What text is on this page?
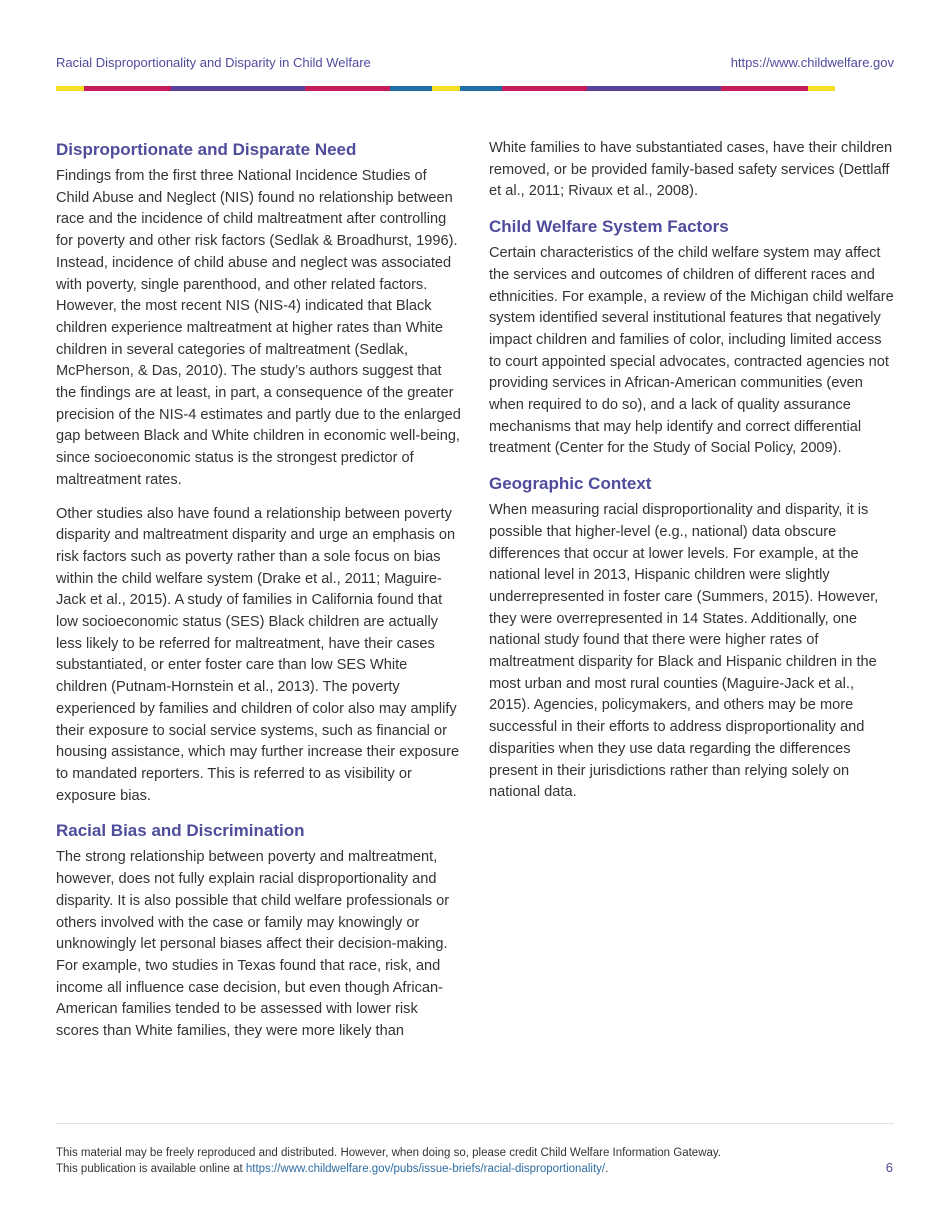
Racial Disproportionality and Disparity in Child Welfare	https://www.childwelfare.gov
Disproportionate and Disparate Need

Findings from the first three National Incidence Studies of Child Abuse and Neglect (NIS) found no relationship between race and the incidence of child maltreatment after controlling for poverty and other risk factors (Sedlak & Broadhurst, 1996). Instead, incidence of child abuse and neglect was associated with poverty, single parenthood, and other related factors. However, the most recent NIS (NIS-4) indicated that Black children experience maltreatment at higher rates than White children in several categories of maltreatment (Sedlak, McPherson, & Das, 2010). The study’s authors suggest that the findings are at least, in part, a consequence of the greater precision of the NIS-4 estimates and partly due to the enlarged gap between Black and White children in economic well-being, since socioeconomic status is the strongest predictor of maltreatment rates.

Other studies also have found a relationship between poverty disparity and maltreatment disparity and urge an emphasis on risk factors such as poverty rather than a sole focus on bias within the child welfare system (Drake et al., 2011; Maguire-Jack et al., 2015). A study of families in California found that low socioeconomic status (SES) Black children are actually less likely to be referred for maltreatment, have their cases substantiated, or enter foster care than low SES White children (Putnam-Hornstein et al., 2013). The poverty experienced by families and children of color also may amplify their exposure to social service systems, such as financial or housing assistance, which may further increase their exposure to mandated reporters. This is referred to as visibility or exposure bias.

Racial Bias and Discrimination

The strong relationship between poverty and maltreatment, however, does not fully explain racial disproportionality and disparity. It is also possible that child welfare professionals or others involved with the case or family may knowingly or unknowingly let personal biases affect their decision-making. For example, two studies in Texas found that race, risk, and income all influence case decision, but even though African-American families tended to be assessed with lower risk scores than White families, they were more likely than

White families to have substantiated cases, have their children removed, or be provided family-based safety services (Dettlaff et al., 2011; Rivaux et al., 2008).

Child Welfare System Factors

Certain characteristics of the child welfare system may affect the services and outcomes of children of different races and ethnicities. For example, a review of the Michigan child welfare system identified several institutional features that negatively impact children and families of color, including limited access to court appointed special advocates, contracted agencies not providing services in African-American communities (even when required to do so), and a lack of quality assurance mechanisms that may help identify and correct differential treatment (Center for the Study of Social Policy, 2009).

Geographic Context

When measuring racial disproportionality and disparity, it is possible that higher-level (e.g., national) data obscure differences that occur at lower levels. For example, at the national level in 2013, Hispanic children were slightly underrepresented in foster care (Summers, 2015). However, they were overrepresented in 14 States. Additionally, one national study found that there were higher rates of maltreatment disparity for Black and Hispanic children in the most urban and most rural counties (Maguire-Jack et al., 2015). Agencies, policymakers, and others may be more successful in their efforts to address disproportionality and disparities when they use data regarding the differences present in their jurisdictions rather than relying solely on national data.

This material may be freely reproduced and distributed. However, when doing so, please credit Child Welfare Information Gateway.
This publication is available online at https://www.childwelfare.gov/pubs/issue-briefs/racial-disproportionality/.	6
